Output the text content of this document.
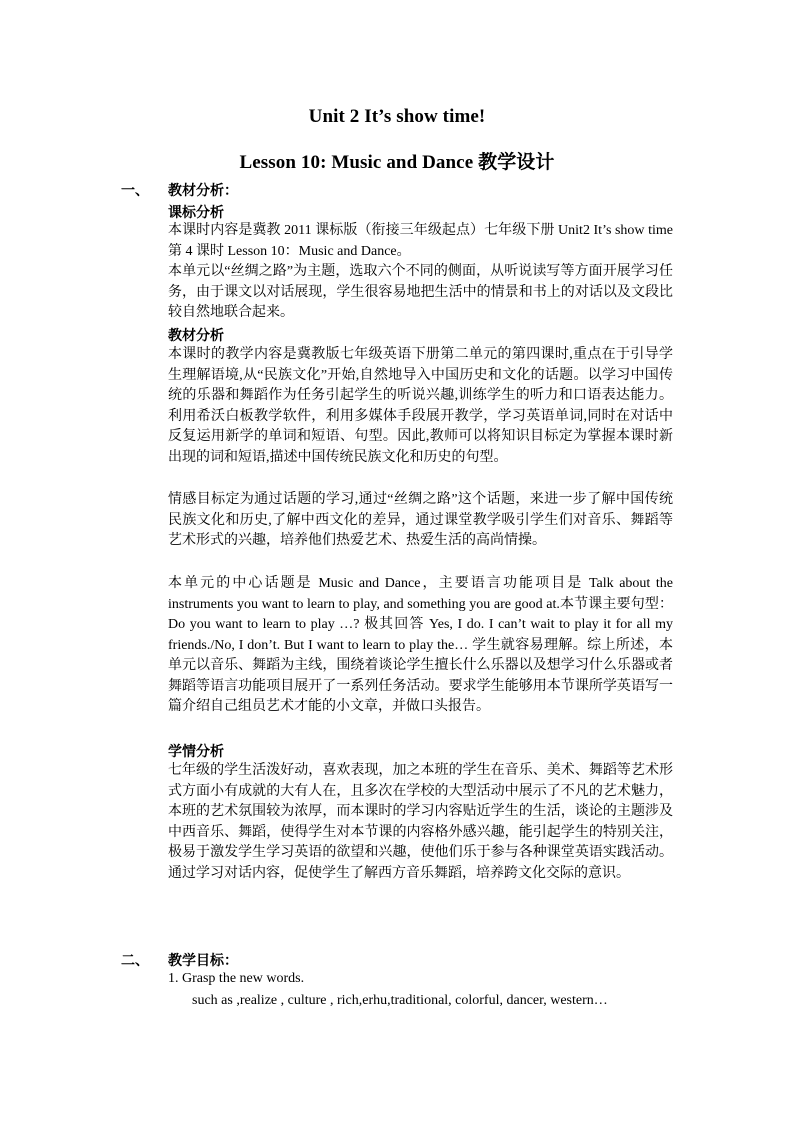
Unit 2 It’s show time!
Lesson 10: Music and Dance 教学设计
一、 教材分析：
课标分析
本课时内容是冀教 2011 课标版（衔接三年级起点）七年级下册 Unit2 It’s show time 第 4 课时 Lesson 10：Music and Dance。
本单元以“丝绸之路”为主题，选取六个不同的侧面，从听说读写等方面开展学习任务，由于课文以对话展现，学生很容易地把生活中的情景和书上的对话以及文段比较自然地联合起来。
教材分析
本课时的教学内容是冀教版七年级英语下册第二单元的第四课时,重点在于引导学生理解语境,从“民族文化”开始,自然地导入中国历史和文化的话题。以学习中国传统的乐器和舞蹈作为任务引起学生的听说兴趣,训练学生的听力和口语表达能力。利用希沃白板教学软件，利用多媒体手段展开教学，学习英语单词,同时在对话中反复运用新学的单词和短语、句型。因此,教师可以将知识目标定为掌握本课时新出现的词和短语,描述中国传统民族文化和历史的句型。
情感目标定为通过话题的学习,通过“丝绸之路”这个话题，来进一步了解中国传统民族文化和历史,了解中西文化的差异，通过课堂教学吸引学生们对音乐、舞蹈等艺术形式的兴趣，培养他们热爱艺术、热爱生活的高尚情操。
本单元的中心话题是 Music and Dance，主要语言功能项目是 Talk about the instruments you want to learn to play, and something you are good at.本节课主要句型：Do you want to learn to play …? 极其回答 Yes, I do. I can’t wait to play it for all my friends./No, I don’t. But I want to learn to play the… 学生就容易理解。综上所述，本单元以音乐、舞蹈为主线，围绕着谈论学生擅长什么乐器以及想学习什么乐器或者舞蹈等语言功能项目展开了一系列任务活动。要求学生能够用本节课所学英语写一篇介绍自己组员艺术才能的小文章，并做口头报告。
学情分析
七年级的学生活泼好动，喜欢表现，加之本班的学生在音乐、美术、舞蹈等艺术形式方面小有成就的大有人在，且多次在学校的大型活动中展示了不凡的艺术魅力，本班的艺术氛围较为浓厚，而本课时的学习内容贴近学生的生活，谈论的主题涉及中西音乐、舞蹈，使得学生对本节课的内容格外感兴趣，能引起学生的特别关注，极易于激发学生学习英语的欲望和兴趣，使他们乐于参与各种课堂英语实践活动。通过学习对话内容，促使学生了解西方音乐舞蹈，培养跨文化交际的意识。
二、 教学目标：
1. Grasp the new words.
such as ,realize , culture , rich,erhu,traditional, colorful, dancer, western…
